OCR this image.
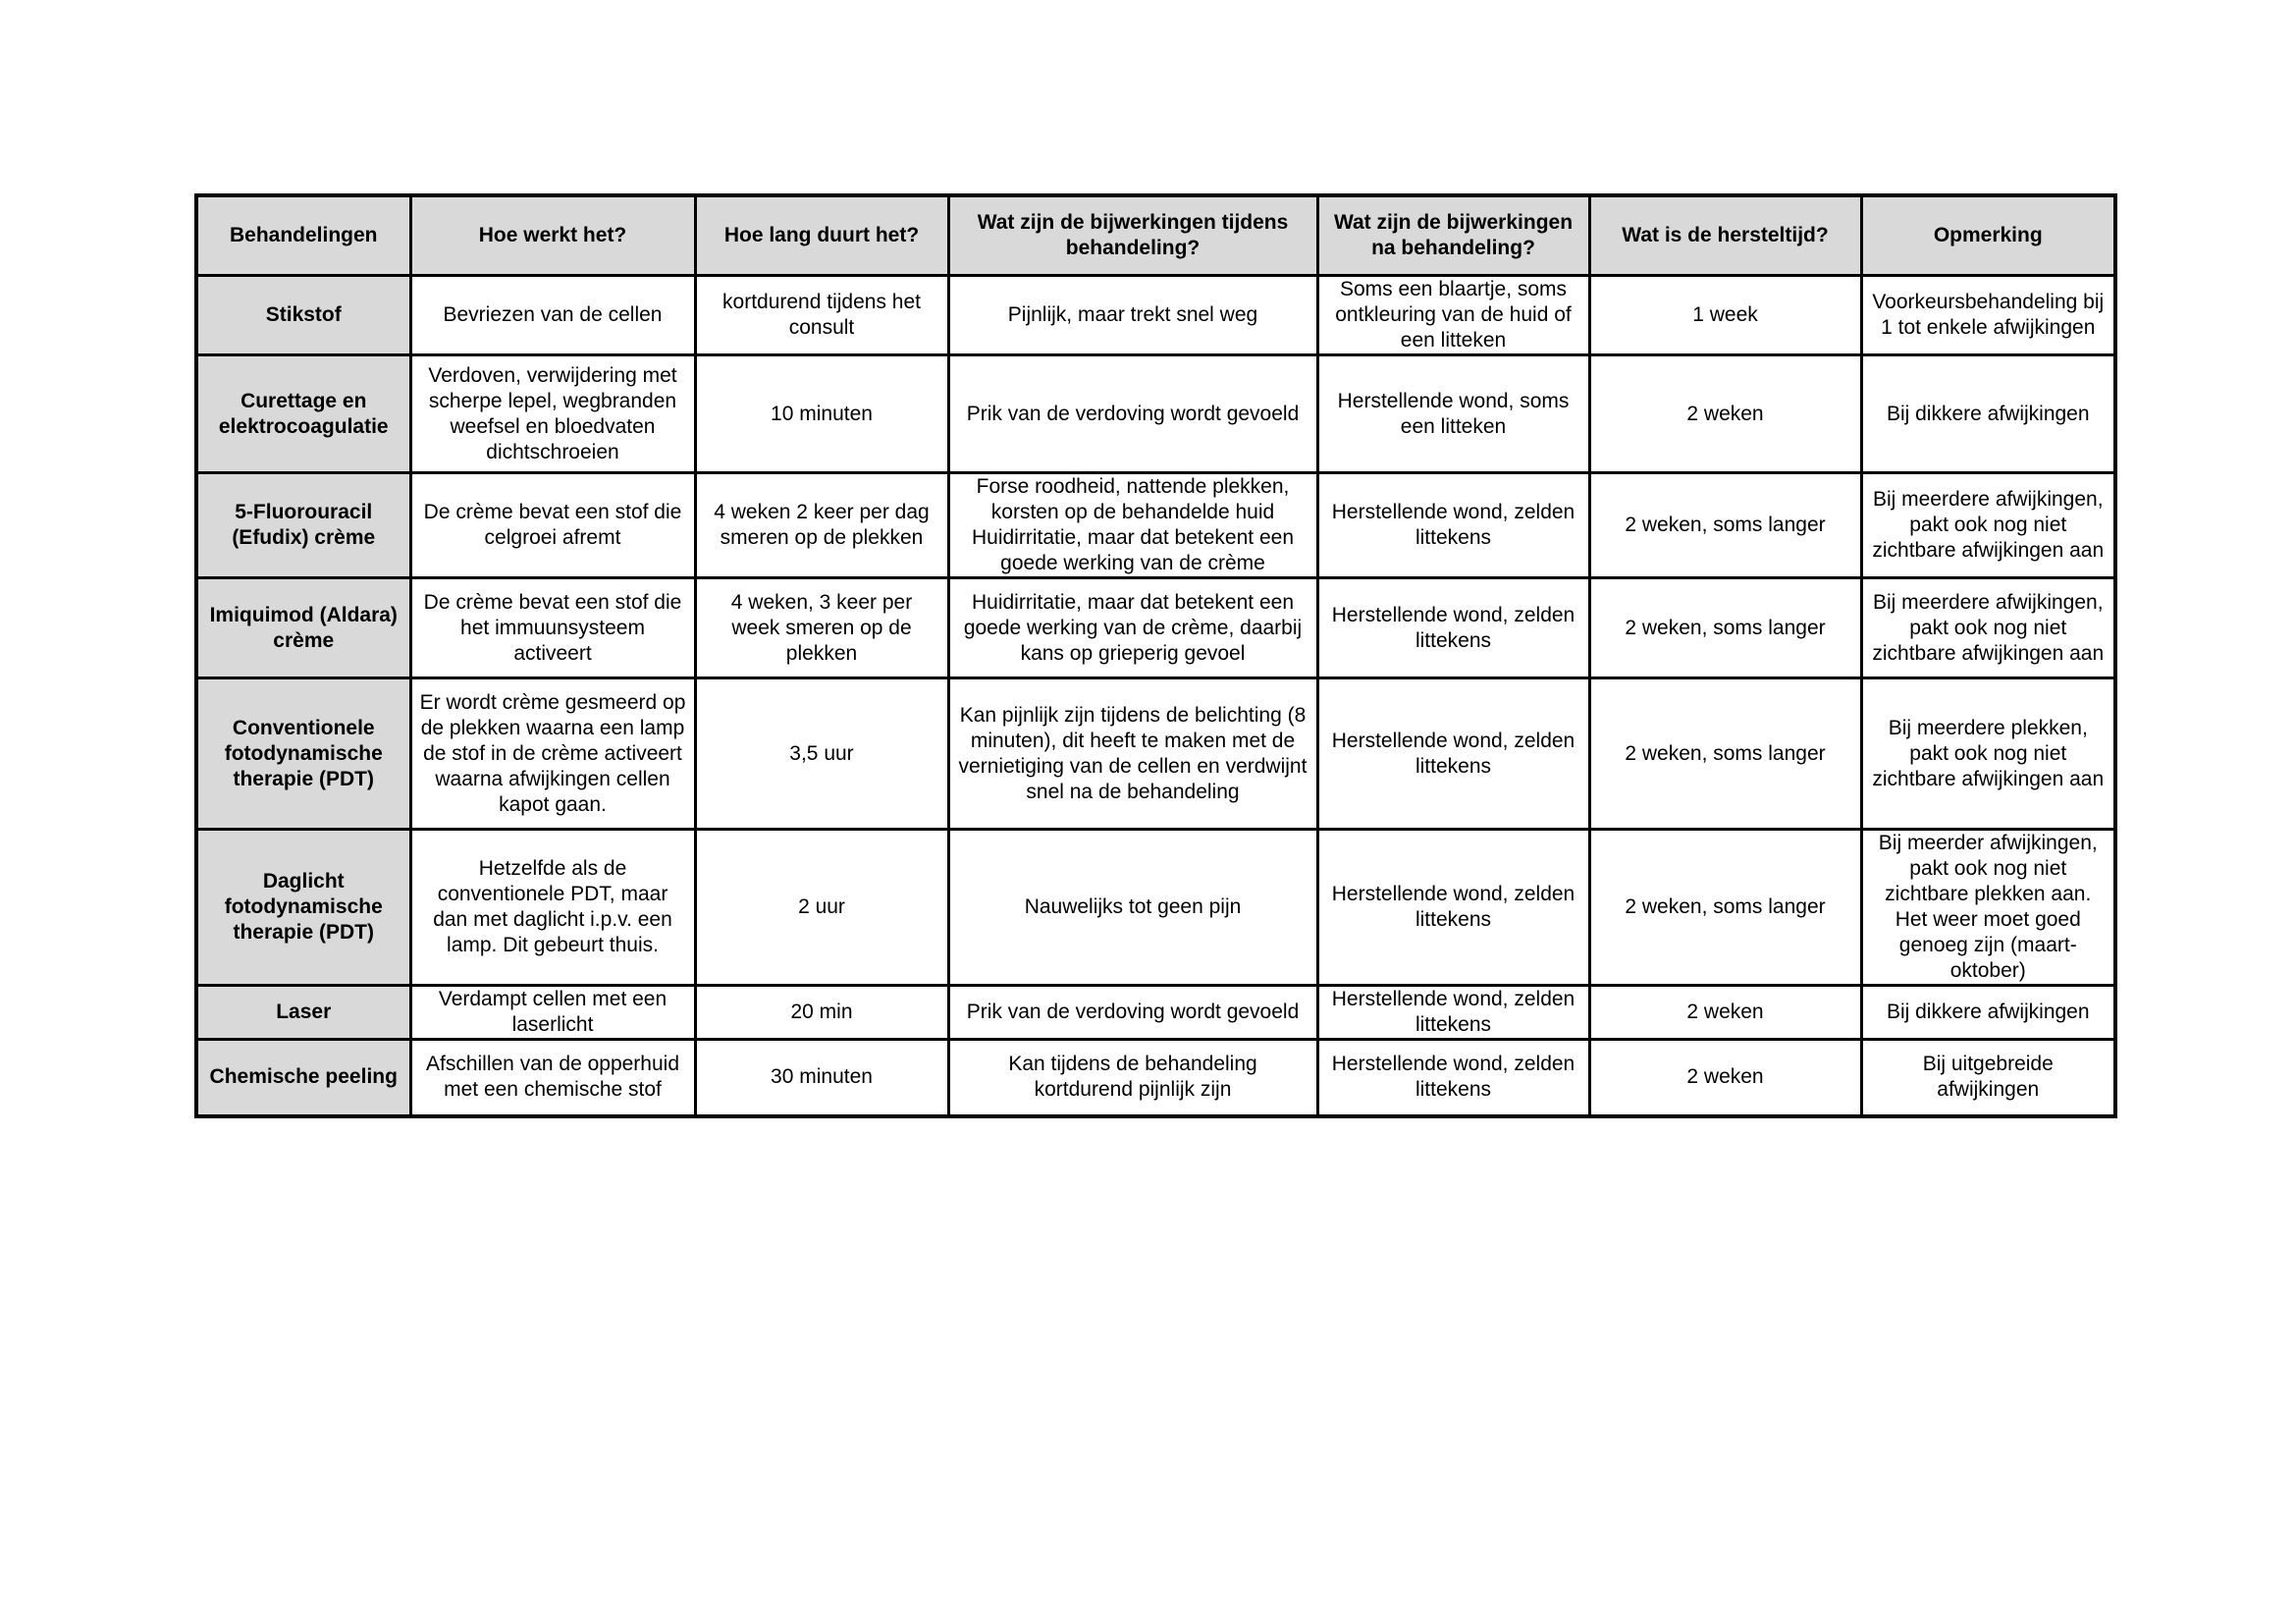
Behandelingen	Hoe werkt het?	Hoe lang duurt het?	Wat zijn de bijwerkingen tijdens behandeling?	Wat zijn de bijwerkingen na behandeling?	Wat is de hersteltijd?	Opmerking
Stikstof	Bevriezen van de cellen	kortdurend tijdens het consult	Pijnlijk, maar trekt snel weg	Soms een blaartje, soms ontkleuring van de huid of een litteken	1 week	Voorkeursbehandeling bij 1 tot enkele afwijkingen
Curettage en elektrocoagulatie	Verdoven, verwijdering met scherpe lepel, wegbranden weefsel en bloedvaten dichtschroeien	10 minuten	Prik van de verdoving wordt gevoeld	Herstellende wond, soms een litteken	2 weken	Bij dikkere afwijkingen
5-Fluorouracil (Efudix) crème	De crème bevat een stof die celgroei afremt	4 weken 2 keer per dag smeren op de plekken	Forse roodheid, nattende plekken, korsten op de behandelde huid Huidirritatie, maar dat betekent een goede werking van de crème	Herstellende wond, zelden littekens	2 weken, soms langer	Bij meerdere afwijkingen, pakt ook nog niet zichtbare afwijkingen aan
Imiquimod (Aldara) crème	De crème bevat een stof die het immuunsysteem activeert	4 weken, 3 keer per week smeren op de plekken	Huidirritatie, maar dat betekent een goede werking van de crème, daarbij kans op grieperig gevoel	Herstellende wond, zelden littekens	2 weken, soms langer	Bij meerdere afwijkingen, pakt ook nog niet zichtbare afwijkingen aan
Conventionele fotodynamische therapie (PDT)	Er wordt crème gesmeerd op de plekken waarna een lamp de stof in de crème activeert waarna afwijkingen cellen kapot gaan.	3,5 uur	Kan pijnlijk zijn tijdens de belichting (8 minuten), dit heeft te maken met de vernietiging van de cellen en verdwijnt snel na de behandeling	Herstellende wond, zelden littekens	2 weken, soms langer	Bij meerdere plekken, pakt ook nog niet zichtbare afwijkingen aan
Daglicht fotodynamische therapie (PDT)	Hetzelfde als de conventionele PDT, maar dan met daglicht i.p.v. een lamp. Dit gebeurt thuis.	2 uur	Nauwelijks tot geen pijn	Herstellende wond, zelden littekens	2 weken, soms langer	Bij meerder afwijkingen, pakt ook nog niet zichtbare plekken aan. Het weer moet goed genoeg zijn (maart-oktober)
Laser	Verdampt cellen met een laserlicht	20 min	Prik van de verdoving wordt gevoeld	Herstellende wond, zelden littekens	2 weken	Bij dikkere afwijkingen
Chemische peeling	Afschillen van de opperhuid met een chemische stof	30 minuten	Kan tijdens de behandeling kortdurend pijnlijk zijn	Herstellende wond, zelden littekens	2 weken	Bij uitgebreide afwijkingen
